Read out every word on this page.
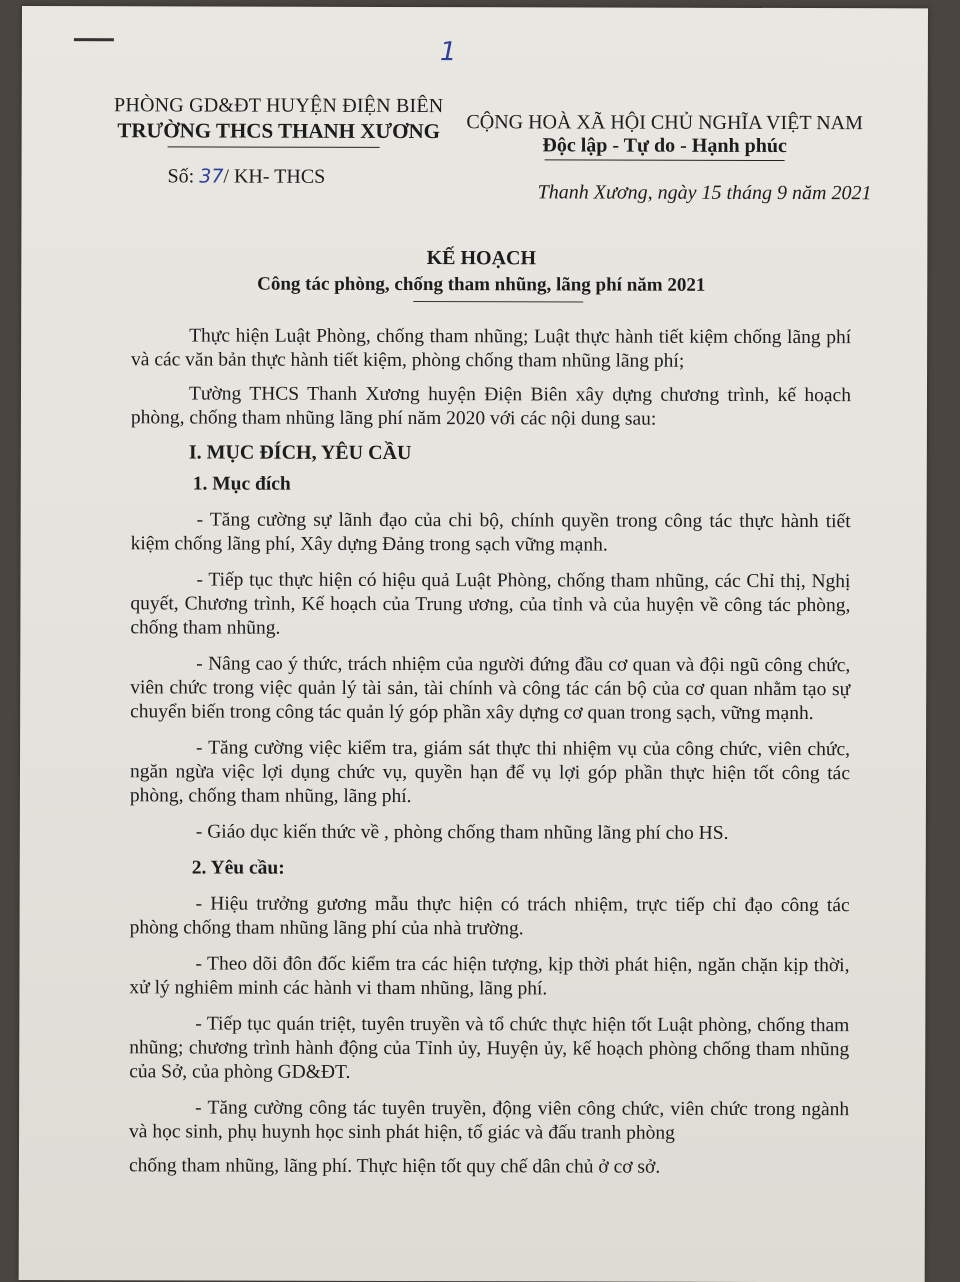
1
PHÒNG GD&ĐT HUYỆN ĐIỆN BIÊN
TRƯỜNG THCS THANH XƯƠNG
Số: 37/ KH- THCS
CỘNG HOÀ XÃ HỘI CHỦ NGHĨA VIỆT NAM
Độc lập - Tự do - Hạnh phúc
Thanh Xương, ngày 15 tháng 9 năm 2021
KẾ HOẠCH
Công tác phòng, chống tham nhũng, lãng phí năm 2021

Thực hiện Luật Phòng, chống tham nhũng; Luật thực hành tiết kiệm chống lãng phí và các văn bản thực hành tiết kiệm, phòng chống tham nhũng lãng phí;

Tường THCS Thanh Xương huyện Điện Biên xây dựng chương trình, kế hoạch phòng, chống tham nhũng lãng phí năm 2020 với các nội dung sau:

I. MỤC ĐÍCH, YÊU CẦU
1. Mục đích

- Tăng cường sự lãnh đạo của chi bộ, chính quyền trong công tác thực hành tiết kiệm chống lãng phí, Xây dựng Đảng trong sạch vững mạnh.

- Tiếp tục thực hiện có hiệu quả Luật Phòng, chống tham nhũng, các Chỉ thị, Nghị quyết, Chương trình, Kế hoạch của Trung ương, của tỉnh và của huyện về công tác phòng, chống tham nhũng.

- Nâng cao ý thức, trách nhiệm của người đứng đầu cơ quan và đội ngũ công chức, viên chức trong việc quản lý tài sản, tài chính và công tác cán bộ của cơ quan nhằm tạo sự chuyển biến trong công tác quản lý góp phần xây dựng cơ quan trong sạch, vững mạnh.

- Tăng cường việc kiểm tra, giám sát thực thi nhiệm vụ của công chức, viên chức, ngăn ngừa việc lợi dụng chức vụ, quyền hạn để vụ lợi góp phần thực hiện tốt công tác phòng, chống tham nhũng, lãng phí.

- Giáo dục kiến thức về , phòng chống tham nhũng lãng phí cho HS.

2. Yêu cầu:

- Hiệu trưởng gương mẫu thực hiện có trách nhiệm, trực tiếp chỉ đạo công tác phòng chống tham nhũng lãng phí của nhà trường.

- Theo dõi đôn đốc kiểm tra các hiện tượng, kịp thời phát hiện, ngăn chặn kịp thời, xử lý nghiêm minh các hành vi tham nhũng, lãng phí.

- Tiếp tục quán triệt, tuyên truyền và tổ chức thực hiện tốt Luật phòng, chống tham nhũng; chương trình hành động của Tỉnh ủy, Huyện ủy, kế hoạch phòng chống tham nhũng của Sở, của phòng GD&ĐT.

- Tăng cường công tác tuyên truyền, động viên công chức, viên chức trong ngành và học sinh, phụ huynh học sinh phát hiện, tố giác và đấu tranh phòng

chống tham nhũng, lãng phí. Thực hiện tốt quy chế dân chủ ở cơ sở.
